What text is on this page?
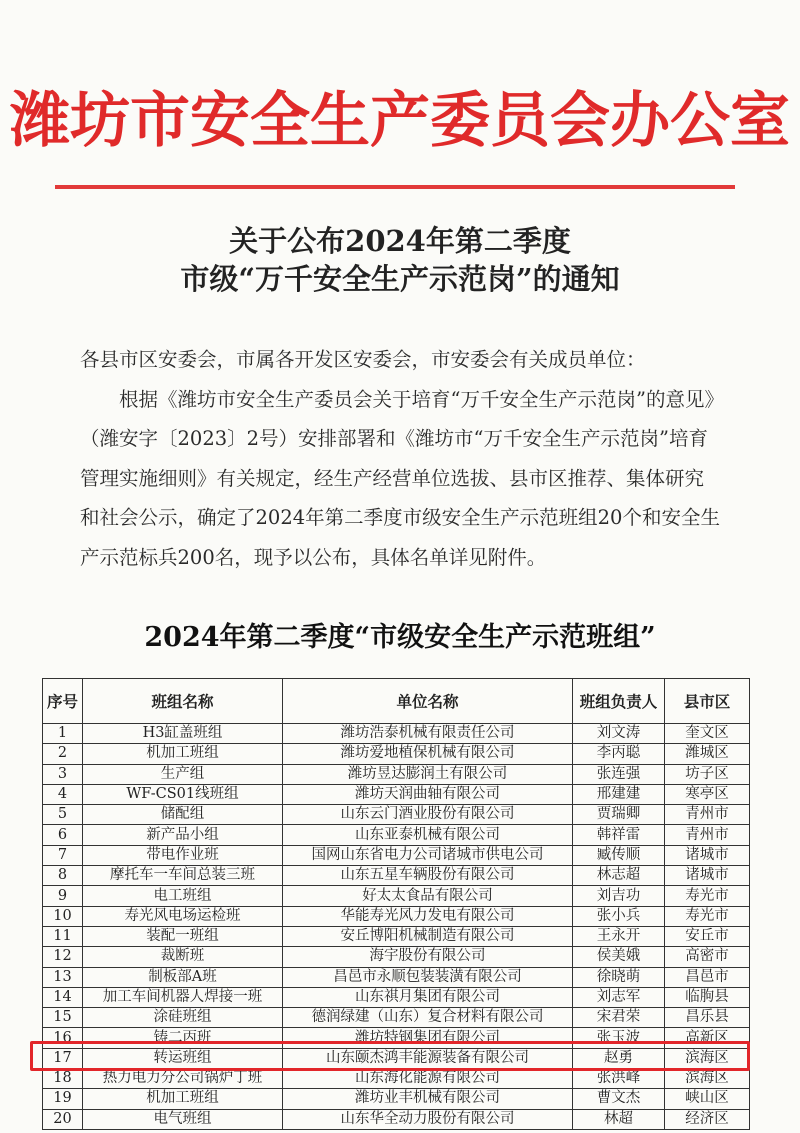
潍坊市安全生产委员会办公室
关于公布2024年第二季度
市级“万千安全生产示范岗”的通知

各县市区安委会，市属各开发区安委会，市安委会有关成员单位：

根据《潍坊市安全生产委员会关于培育“万千安全生产示范岗”的意见》（潍安字〔2023〕2号）安排部署和《潍坊市“万千安全生产示范岗”培育管理实施细则》有关规定，经生产经营单位选拔、县市区推荐、集体研究和社会公示，确定了2024年第二季度市级安全生产示范班组20个和安全生产示范标兵200名，现予以公布，具体名单详见附件。

2024年第二季度“市级安全生产示范班组”
序号	班组名称	单位名称	班组负责人	县市区
1	H3缸盖班组	潍坊浩泰机械有限责任公司	刘文涛	奎文区
2	机加工班组	潍坊爱地植保机械有限公司	李丙聪	潍城区
3	生产组	潍坊昱达膨润土有限公司	张连强	坊子区
4	WF-CS01线班组	潍坊天润曲轴有限公司	邢建建	寒亭区
5	储配组	山东云门酒业股份有限公司	贾瑞卿	青州市
6	新产品小组	山东亚泰机械有限公司	韩祥雷	青州市
7	带电作业班	国网山东省电力公司诸城市供电公司	臧传顺	诸城市
8	摩托车一车间总装三班	山东五星车辆股份有限公司	林志超	诸城市
9	电工班组	好太太食品有限公司	刘吉功	寿光市
10	寿光风电场运检班	华能寿光风力发电有限公司	张小兵	寿光市
11	装配一班组	安丘博阳机械制造有限公司	王永开	安丘市
12	裁断班	海宇股份有限公司	侯美娥	高密市
13	制板部A班	昌邑市永顺包装装潢有限公司	徐晓萌	昌邑市
14	加工车间机器人焊接一班	山东祺月集团有限公司	刘志军	临朐县
15	涂硅班组	德润绿建（山东）复合材料有限公司	宋君荣	昌乐县
16	铸二丙班	潍坊特钢集团有限公司	张玉波	高新区
17	转运班组	山东颐杰鸿丰能源装备有限公司	赵勇	滨海区
18	热力电力分公司锅炉丁班	山东海化能源有限公司	张洪峰	滨海区
19	机加工班组	潍坊业丰机械有限公司	曹文杰	峡山区
20	电气班组	山东华全动力股份有限公司	林超	经济区
